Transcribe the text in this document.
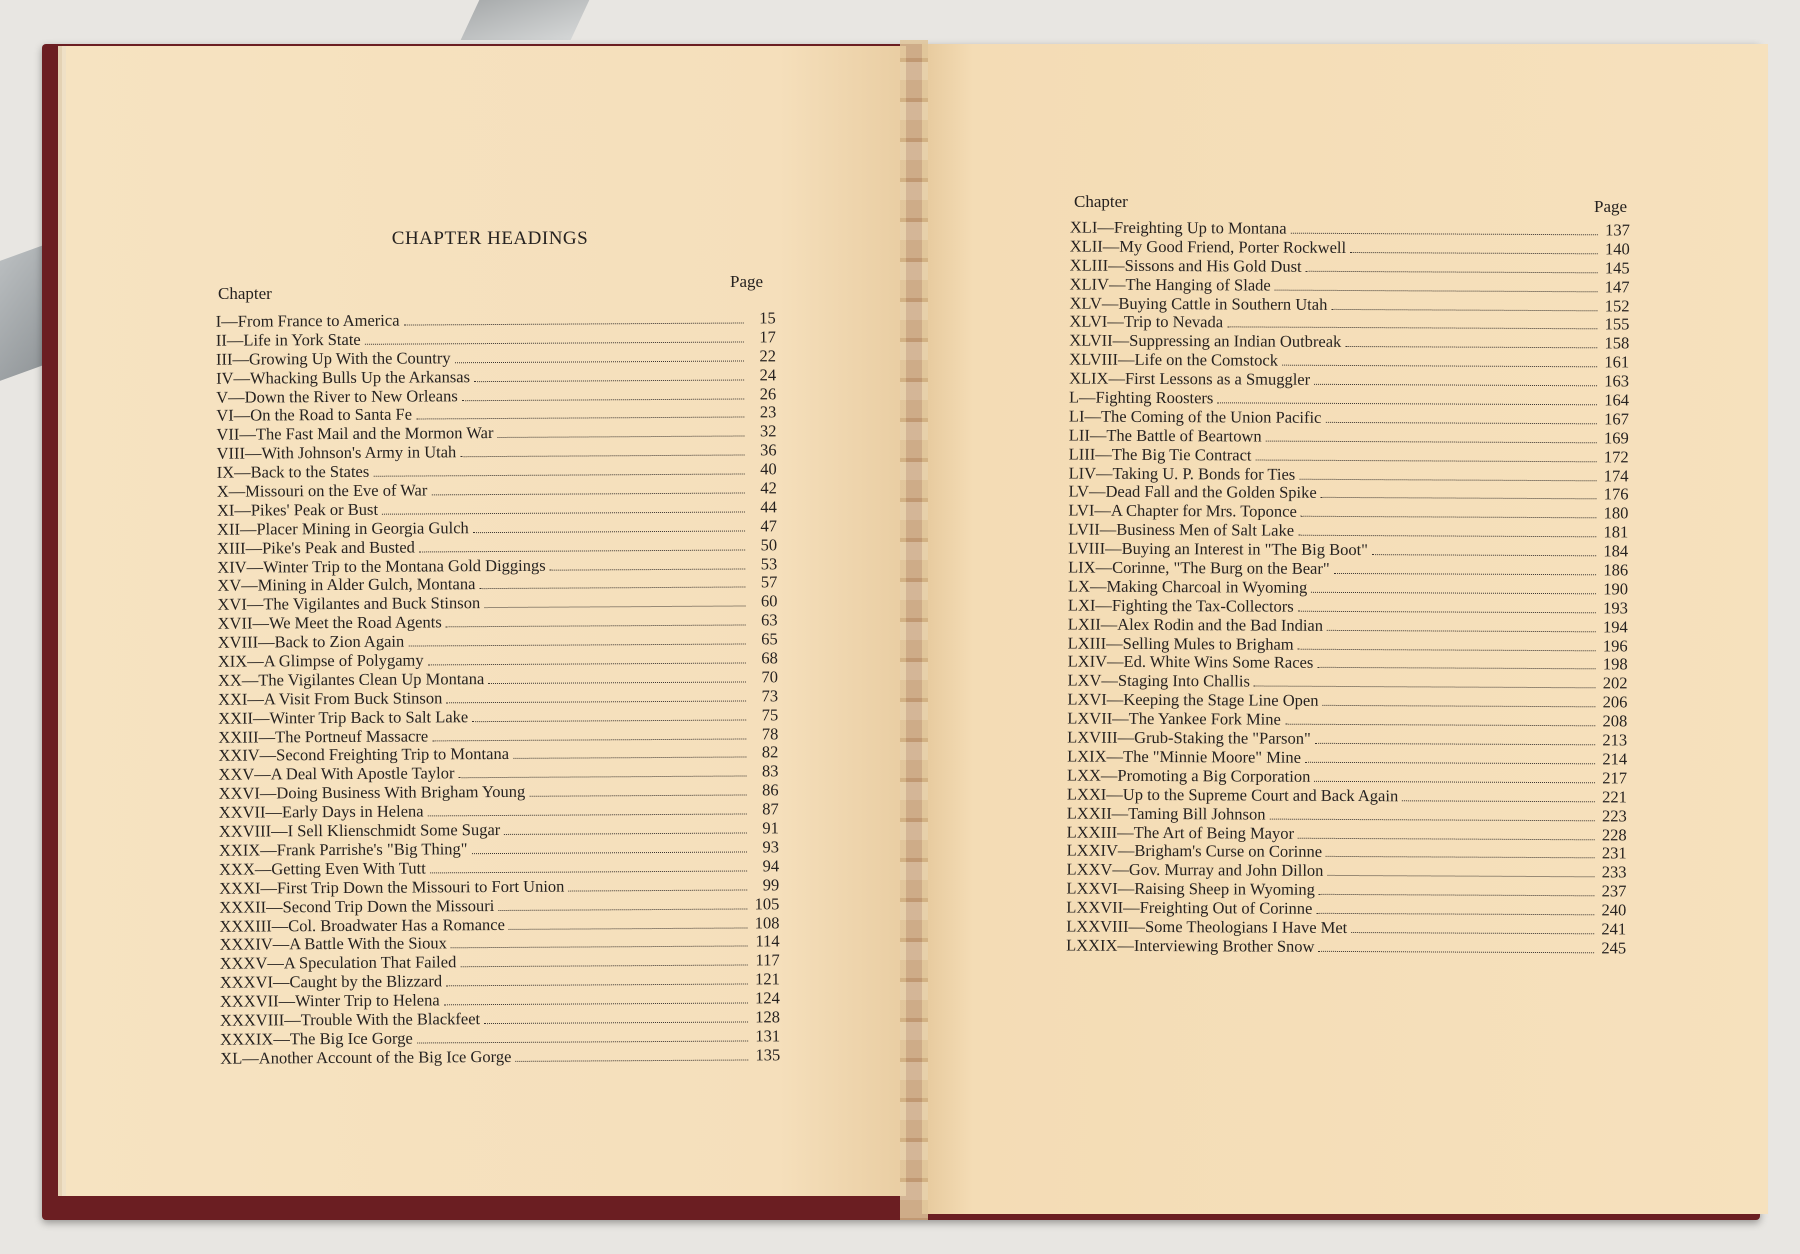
CHAPTER HEADINGS
Chapter
Page
I—From France to America	15
II—Life in York State	17
III—Growing Up With the Country	22
IV—Whacking Bulls Up the Arkansas	24
V—Down the River to New Orleans	26
VI—On the Road to Santa Fe	23
VII—The Fast Mail and the Mormon War	32
VIII—With Johnson's Army in Utah	36
IX—Back to the States	40
X—Missouri on the Eve of War	42
XI—Pikes' Peak or Bust	44
XII—Placer Mining in Georgia Gulch	47
XIII—Pike's Peak and Busted	50
XIV—Winter Trip to the Montana Gold Diggings	53
XV—Mining in Alder Gulch, Montana	57
XVI—The Vigilantes and Buck Stinson	60
XVII—We Meet the Road Agents	63
XVIII—Back to Zion Again	65
XIX—A Glimpse of Polygamy	68
XX—The Vigilantes Clean Up Montana	70
XXI—A Visit From Buck Stinson	73
XXII—Winter Trip Back to Salt Lake	75
XXIII—The Portneuf Massacre	78
XXIV—Second Freighting Trip to Montana	82
XXV—A Deal With Apostle Taylor	83
XXVI—Doing Business With Brigham Young	86
XXVII—Early Days in Helena	87
XXVIII—I Sell Klienschmidt Some Sugar	91
XXIX—Frank Parrishe's "Big Thing"	93
XXX—Getting Even With Tutt	94
XXXI—First Trip Down the Missouri to Fort Union	99
XXXII—Second Trip Down the Missouri	105
XXXIII—Col. Broadwater Has a Romance	108
XXXIV—A Battle With the Sioux	114
XXXV—A Speculation That Failed	117
XXXVI—Caught by the Blizzard	121
XXXVII—Winter Trip to Helena	124
XXXVIII—Trouble With the Blackfeet	128
XXXIX—The Big Ice Gorge	131
XL—Another Account of the Big Ice Gorge	135
Chapter	Page
XLI—Freighting Up to Montana	137
XLII—My Good Friend, Porter Rockwell	140
XLIII—Sissons and His Gold Dust	145
XLIV—The Hanging of Slade	147
XLV—Buying Cattle in Southern Utah	152
XLVI—Trip to Nevada	155
XLVII—Suppressing an Indian Outbreak	158
XLVIII—Life on the Comstock	161
XLIX—First Lessons as a Smuggler	163
L—Fighting Roosters	164
LI—The Coming of the Union Pacific	167
LII—The Battle of Beartown	169
LIII—The Big Tie Contract	172
LIV—Taking U. P. Bonds for Ties	174
LV—Dead Fall and the Golden Spike	176
LVI—A Chapter for Mrs. Toponce	180
LVII—Business Men of Salt Lake	181
LVIII—Buying an Interest in "The Big Boot"	184
LIX—Corinne, "The Burg on the Bear"	186
LX—Making Charcoal in Wyoming	190
LXI—Fighting the Tax-Collectors	193
LXII—Alex Rodin and the Bad Indian	194
LXIII—Selling Mules to Brigham	196
LXIV—Ed. White Wins Some Races	198
LXV—Staging Into Challis	202
LXVI—Keeping the Stage Line Open	206
LXVII—The Yankee Fork Mine	208
LXVIII—Grub-Staking the "Parson"	213
LXIX—The "Minnie Moore" Mine	214
LXX—Promoting a Big Corporation	217
LXXI—Up to the Supreme Court and Back Again	221
LXXII—Taming Bill Johnson	223
LXXIII—The Art of Being Mayor	228
LXXIV—Brigham's Curse on Corinne	231
LXXV—Gov. Murray and John Dillon	233
LXXVI—Raising Sheep in Wyoming	237
LXXVII—Freighting Out of Corinne	240
LXXVIII—Some Theologians I Have Met	241
LXXIX—Interviewing Brother Snow	245
